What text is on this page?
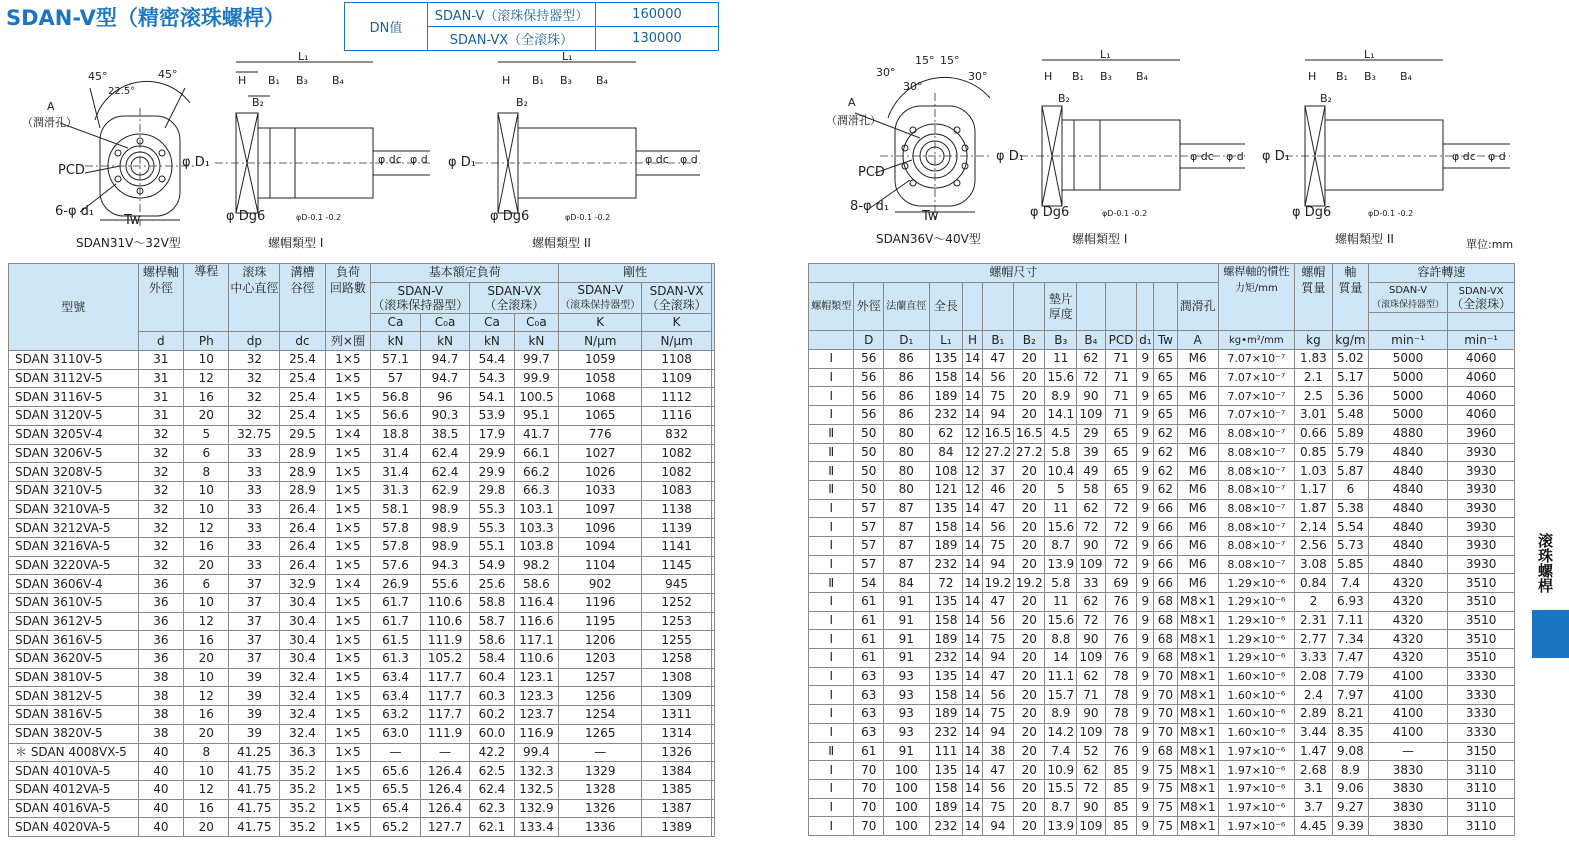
SDAN-V型（精密滚珠螺桿）	DN值	SDAN-V（滚珠保持器型）	160000
	SDAN-VX（全滚珠）	130000
45°	45°
22.5°
A
（潤滑孔）
PCD
6-φ d₁
Tw
L₁
H B₁ B₃ B₄
B₂
φ D₁
φ Dg6	φD-0.1 -0.2
φ dc φ d
L₁
H B₁ B₃ B₄
B₂
φ D₁
φ Dg6	φD-0.1 -0.2
φ dc φ d
30°
30°
30°
15° 15°
A
（潤滑孔）
PCD
8-φ d₁
Tw
L₁
H B₁ B₃ B₄
B₂
φ D₁
φ Dg6	φD-0.1 -0.2
φ dc φ d
L₁
H B₁ B₃ B₄
B₂
φ D₁
φ Dg6	φD-0.1 -0.2
φ dc φ d
SDAN31V～32V型	螺帽類型 I	螺帽類型 II	SDAN36V～40V型	螺帽類型 I	螺帽類型 II	單位:mm
滚珠螺桿
型號	螺桿軸
外徑	導程	滚珠
中心直徑	溝槽
谷徑	負荷
回路數	基本額定負荷				剛性		
						SDAN-V
（滚珠保持器型）		SDAN-VX
（全滚珠）		SDAN-V
（滚珠保持器型）	SDAN-VX
（全滚珠）	
						Ca	C₀a	Ca	C₀a	K	K	
	d	Ph	dp	dc	列×圈	kN	kN	kN	kN	N/μm	N/μm	
SDAN 3110V-5	31	10	32	25.4	1×5	57.1	94.7	54.4	99.7	1059	1108	
SDAN 3112V-5	31	12	32	25.4	1×5	57	94.7	54.3	99.9	1058	1109	
SDAN 3116V-5	31	16	32	25.4	1×5	56.8	96	54.1	100.5	1068	1112	
SDAN 3120V-5	31	20	32	25.4	1×5	56.6	90.3	53.9	95.1	1065	1116	
SDAN 3205V-4	32	5	32.75	29.5	1×4	18.8	38.5	17.9	41.7	776	832	
SDAN 3206V-5	32	6	33	28.9	1×5	31.4	62.4	29.9	66.1	1027	1082	
SDAN 3208V-5	32	8	33	28.9	1×5	31.4	62.4	29.9	66.2	1026	1082	
SDAN 3210V-5	32	10	33	28.9	1×5	31.3	62.9	29.8	66.3	1033	1083	
SDAN 3210VA-5	32	10	33	26.4	1×5	58.1	98.9	55.3	103.1	1097	1138	
SDAN 3212VA-5	32	12	33	26.4	1×5	57.8	98.9	55.3	103.3	1096	1139	
SDAN 3216VA-5	32	16	33	26.4	1×5	57.8	98.9	55.1	103.8	1094	1141	
SDAN 3220VA-5	32	20	33	26.4	1×5	57.6	94.3	54.9	98.2	1104	1145	
SDAN 3606V-4	36	6	37	32.9	1×4	26.9	55.6	25.6	58.6	902	945	
SDAN 3610V-5	36	10	37	30.4	1×5	61.7	110.6	58.8	116.4	1196	1252	
SDAN 3612V-5	36	12	37	30.4	1×5	61.7	110.6	58.7	116.6	1195	1253	
SDAN 3616V-5	36	16	37	30.4	1×5	61.5	111.9	58.6	117.1	1206	1255	
SDAN 3620V-5	36	20	37	30.4	1×5	61.3	105.2	58.4	110.6	1203	1258	
SDAN 3810V-5	38	10	39	32.4	1×5	63.4	117.7	60.4	123.1	1257	1308	
SDAN 3812V-5	38	12	39	32.4	1×5	63.4	117.7	60.3	123.3	1256	1309	
SDAN 3816V-5	38	16	39	32.4	1×5	63.2	117.7	60.2	123.7	1254	1311	
SDAN 3820V-5	38	20	39	32.4	1×5	63.0	111.9	60.0	116.9	1265	1314	
＊ SDAN 4008VX-5	40	8	41.25	36.3	1×5	—	—	42.2	99.4	—	1326	
SDAN 4010VA-5	40	10	41.75	35.2	1×5	65.6	126.4	62.5	132.3	1329	1384	
SDAN 4012VA-5	40	12	41.75	35.2	1×5	65.5	126.4	62.4	132.5	1328	1385	
SDAN 4016VA-5	40	16	41.75	35.2	1×5	65.4	126.4	62.3	132.9	1326	1387	
SDAN 4020VA-5	40	20	41.75	35.2	1×5	65.2	127.7	62.1	133.4	1336	1389	
螺帽尺寸													螺桿軸的慣性
力矩/mm	螺帽
質量	軸
質量	容許轉速	
螺帽類型	外徑	法蘭直徑	全長				墊片
厚度					潤滑孔				SDAN-V
（滚珠保持器型）	SDAN-VX
（全滚珠）

	D	D₁	L₁	H	B₁	B₂	B₃	B₄	PCD	d₁	Tw	A	kg•m²/mm	kg	kg/m	min⁻¹	min⁻¹
Ⅰ	56	86	135	14	47	20	11	62	71	9	65	M6	7.07×10⁻⁷	1.83	5.02	5000	4060
Ⅰ	56	86	158	14	56	20	15.6	72	71	9	65	M6	7.07×10⁻⁷	2.1	5.17	5000	4060
Ⅰ	56	86	189	14	75	20	8.9	90	71	9	65	M6	7.07×10⁻⁷	2.5	5.36	5000	4060
Ⅰ	56	86	232	14	94	20	14.1	109	71	9	65	M6	7.07×10⁻⁷	3.01	5.48	5000	4060
Ⅱ	50	80	62	12	16.5	16.5	4.5	29	65	9	62	M6	8.08×10⁻⁷	0.66	5.89	4880	3960
Ⅱ	50	80	84	12	27.2	27.2	5.8	39	65	9	62	M6	8.08×10⁻⁷	0.85	5.79	4840	3930
Ⅱ	50	80	108	12	37	20	10.4	49	65	9	62	M6	8.08×10⁻⁷	1.03	5.87	4840	3930
Ⅱ	50	80	121	12	46	20	5	58	65	9	62	M6	8.08×10⁻⁷	1.17	6	4840	3930
Ⅰ	57	87	135	14	47	20	11	62	72	9	66	M6	8.08×10⁻⁷	1.87	5.38	4840	3930
Ⅰ	57	87	158	14	56	20	15.6	72	72	9	66	M6	8.08×10⁻⁷	2.14	5.54	4840	3930
Ⅰ	57	87	189	14	75	20	8.7	90	72	9	66	M6	8.08×10⁻⁷	2.56	5.73	4840	3930
Ⅰ	57	87	232	14	94	20	13.9	109	72	9	66	M6	8.08×10⁻⁷	3.08	5.85	4840	3930
Ⅱ	54	84	72	14	19.2	19.2	5.8	33	69	9	66	M6	1.29×10⁻⁶	0.84	7.4	4320	3510
Ⅰ	61	91	135	14	47	20	11	62	76	9	68	M8×1	1.29×10⁻⁶	2	6.93	4320	3510
Ⅰ	61	91	158	14	56	20	15.6	72	76	9	68	M8×1	1.29×10⁻⁶	2.31	7.11	4320	3510
Ⅰ	61	91	189	14	75	20	8.8	90	76	9	68	M8×1	1.29×10⁻⁶	2.77	7.34	4320	3510
Ⅰ	61	91	232	14	94	20	14	109	76	9	68	M8×1	1.29×10⁻⁶	3.33	7.47	4320	3510
Ⅰ	63	93	135	14	47	20	11.1	62	78	9	70	M8×1	1.60×10⁻⁶	2.08	7.79	4100	3330
Ⅰ	63	93	158	14	56	20	15.7	71	78	9	70	M8×1	1.60×10⁻⁶	2.4	7.97	4100	3330
Ⅰ	63	93	189	14	75	20	8.9	90	78	9	70	M8×1	1.60×10⁻⁶	2.89	8.21	4100	3330
Ⅰ	63	93	232	14	94	20	14.2	109	78	9	70	M8×1	1.60×10⁻⁶	3.44	8.35	4100	3330
Ⅱ	61	91	111	14	38	20	7.4	52	76	9	68	M8×1	1.97×10⁻⁶	1.47	9.08	—	3150
Ⅰ	70	100	135	14	47	20	10.9	62	85	9	75	M8×1	1.97×10⁻⁶	2.68	8.9	3830	3110
Ⅰ	70	100	158	14	56	20	15.5	72	85	9	75	M8×1	1.97×10⁻⁶	3.1	9.06	3830	3110
Ⅰ	70	100	189	14	75	20	8.7	90	85	9	75	M8×1	1.97×10⁻⁶	3.7	9.27	3830	3110
Ⅰ	70	100	232	14	94	20	13.9	109	85	9	75	M8×1	1.97×10⁻⁶	4.45	9.39	3830	3110
